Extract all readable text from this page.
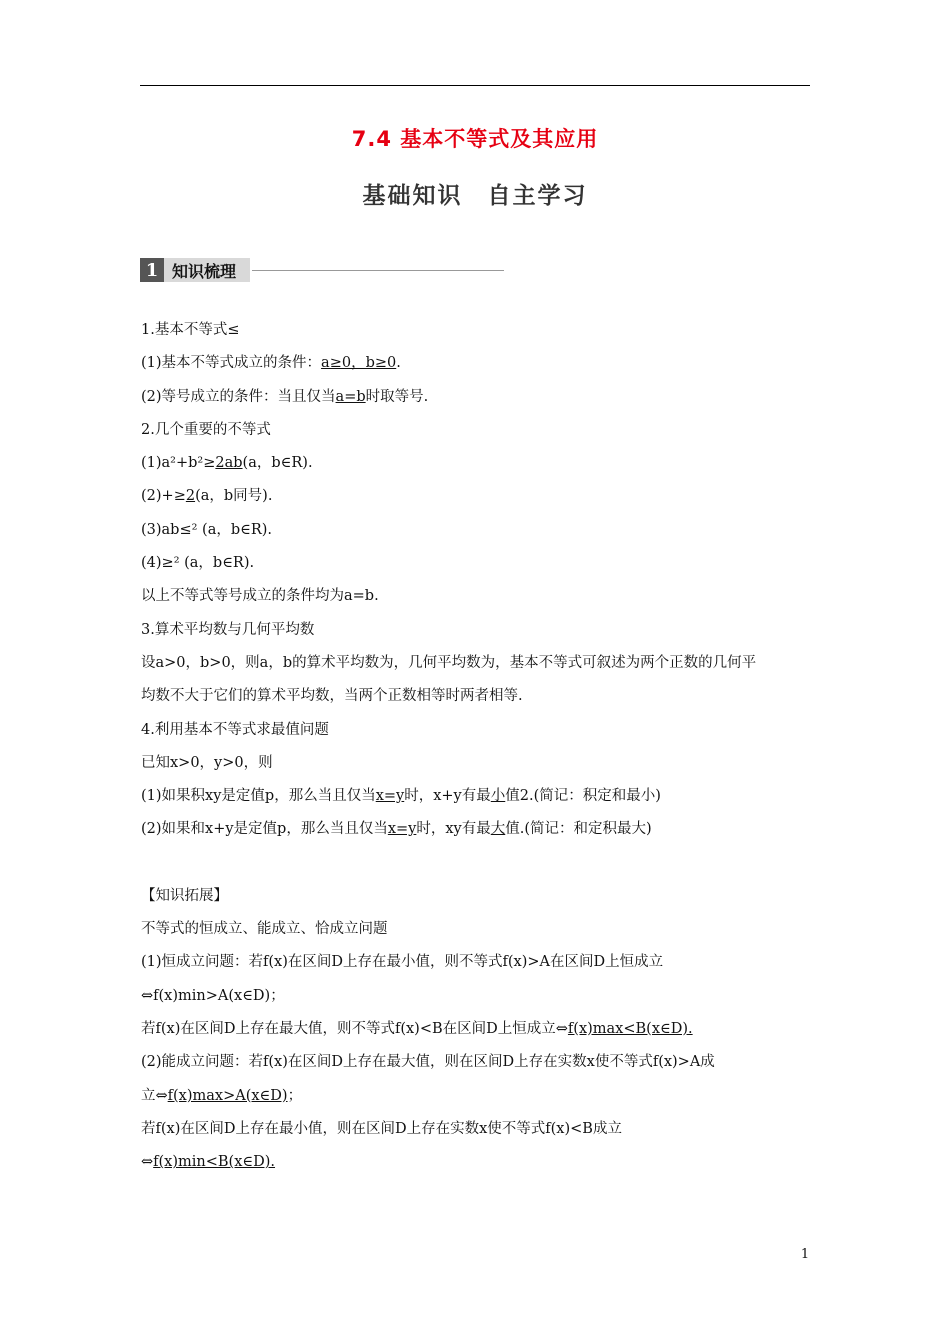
7.4 基本不等式及其应用
基础知识　自主学习
1 知识梳理
1.基本不等式≤
(1)基本不等式成立的条件：a≥0，b≥0.
(2)等号成立的条件：当且仅当a=b时取等号.
2.几个重要的不等式
(1)a²+b²≥2ab(a，b∈R).
(2)+≥2(a，b同号).
(3)ab≤² (a，b∈R).
(4)≥² (a，b∈R).
以上不等式等号成立的条件均为a=b.
3.算术平均数与几何平均数
设a>0，b>0，则a，b的算术平均数为，几何平均数为，基本不等式可叙述为两个正数的几何平
均数不大于它们的算术平均数，当两个正数相等时两者相等.
4.利用基本不等式求最值问题
已知x>0，y>0，则
(1)如果积xy是定值p，那么当且仅当x=y时，x+y有最小值2.(简记：积定和最小)
(2)如果和x+y是定值p，那么当且仅当x=y时，xy有最大值.(简记：和定积最大)
【知识拓展】
不等式的恒成立、能成立、恰成立问题
(1)恒成立问题：若f(x)在区间D上存在最小值，则不等式f(x)>A在区间D上恒成立
⇔f(x)min>A(x∈D)；
若f(x)在区间D上存在最大值，则不等式f(x)<B在区间D上恒成立⇔f(x)max<B(x∈D).
(2)能成立问题：若f(x)在区间D上存在最大值，则在区间D上存在实数x使不等式f(x)>A成
立⇔f(x)max>A(x∈D)；
若f(x)在区间D上存在最小值，则在区间D上存在实数x使不等式f(x)<B成立
⇔f(x)min<B(x∈D).
1
